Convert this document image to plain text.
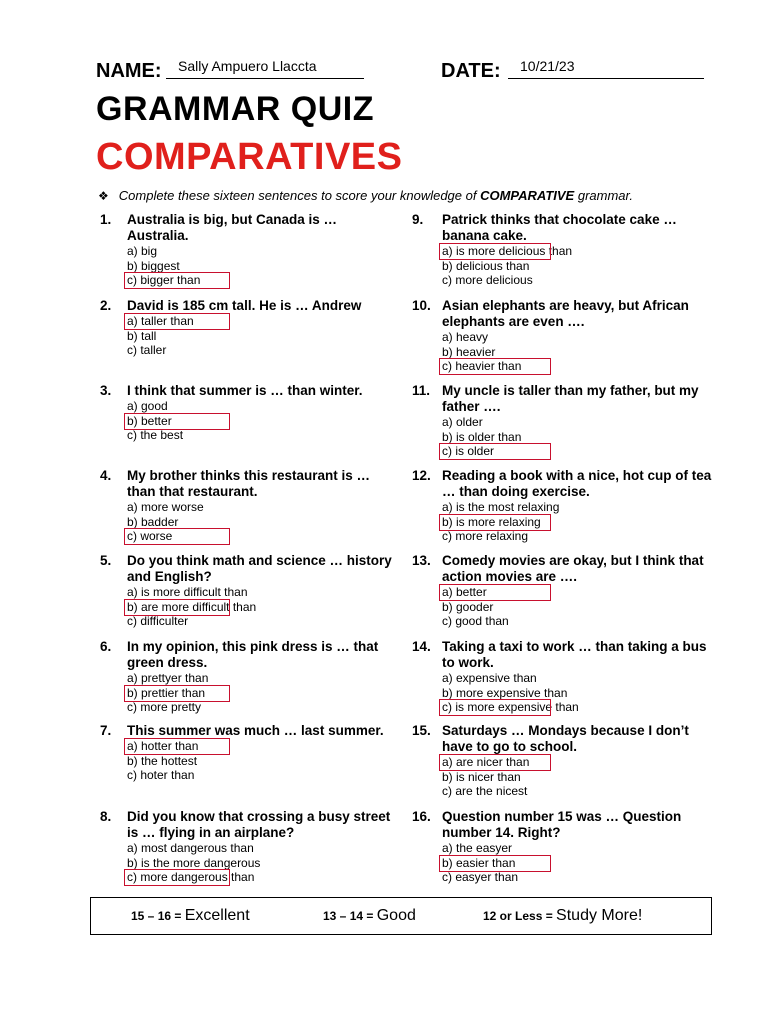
NAME: Sally Ampuero Llaccta	DATE: 10/21/23
GRAMMAR QUIZ
COMPARATIVES
❖ Complete these sixteen sentences to score your knowledge of COMPARATIVE grammar.
1. Australia is big, but Canada is … Australia.
a) big
b) biggest
c) bigger than
2. David is 185 cm tall. He is … Andrew
a) taller than
b) tall
c) taller
3. I think that summer is … than winter.
a) good
b) better
c) the best
4. My brother thinks this restaurant is … than that restaurant.
a) more worse
b) badder
c) worse
5. Do you think math and science … history and English?
a) is more difficult than
b) are more difficult than
c) difficulter
6. In my opinion, this pink dress is … that green dress.
a) prettyer than
b) prettier than
c) more pretty
7. This summer was much … last summer.
a) hotter than
b) the hottest
c) hoter than
8. Did you know that crossing a busy street is … flying in an airplane?
a) most dangerous than
b) is the more dangerous
c) more dangerous than
9. Patrick thinks that chocolate cake … banana cake.
a) is more delicious than
b) delicious than
c) more delicious
10. Asian elephants are heavy, but African elephants are even ….
a) heavy
b) heavier
c) heavier than
11. My uncle is taller than my father, but my father ….
a) older
b) is older than
c) is older
12. Reading a book with a nice, hot cup of tea … than doing exercise.
a) is the most relaxing
b) is more relaxing
c) more relaxing
13. Comedy movies are okay, but I think that action movies are ….
a) better
b) gooder
c) good than
14. Taking a taxi to work … than taking a bus to work.
a) expensive than
b) more expensive than
c) is more expensive than
15. Saturdays … Mondays because I don’t have to go to school.
a) are nicer than
b) is nicer than
c) are the nicest
16. Question number 15 was … Question number 14. Right?
a) the easyer
b) easier than
c) easyer than
15 – 16 = Excellent	13 – 14 = Good	12 or Less = Study More!
